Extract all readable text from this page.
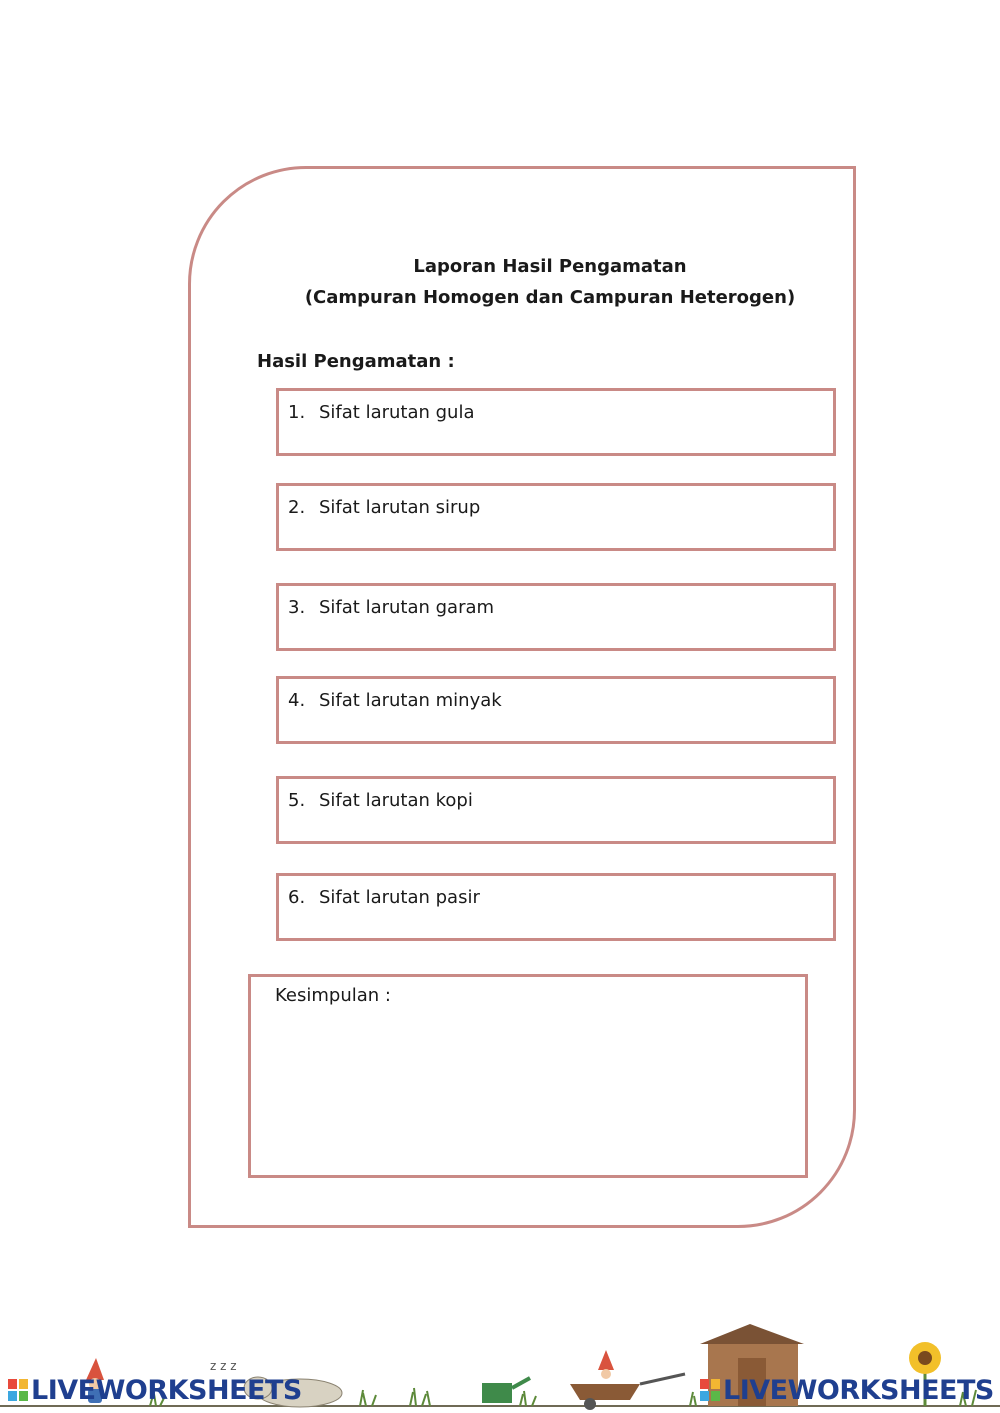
Laporan Hasil Pengamatan
(Campuran Homogen dan Campuran Heterogen)
Hasil Pengamatan :
1. Sifat larutan gula
2. Sifat larutan sirup
3. Sifat larutan garam
4. Sifat larutan minyak
5. Sifat larutan kopi
6. Sifat larutan pasir
Kesimpulan :
z z z
LIVEWORKSHEETS	LIVEWORKSHEETS
